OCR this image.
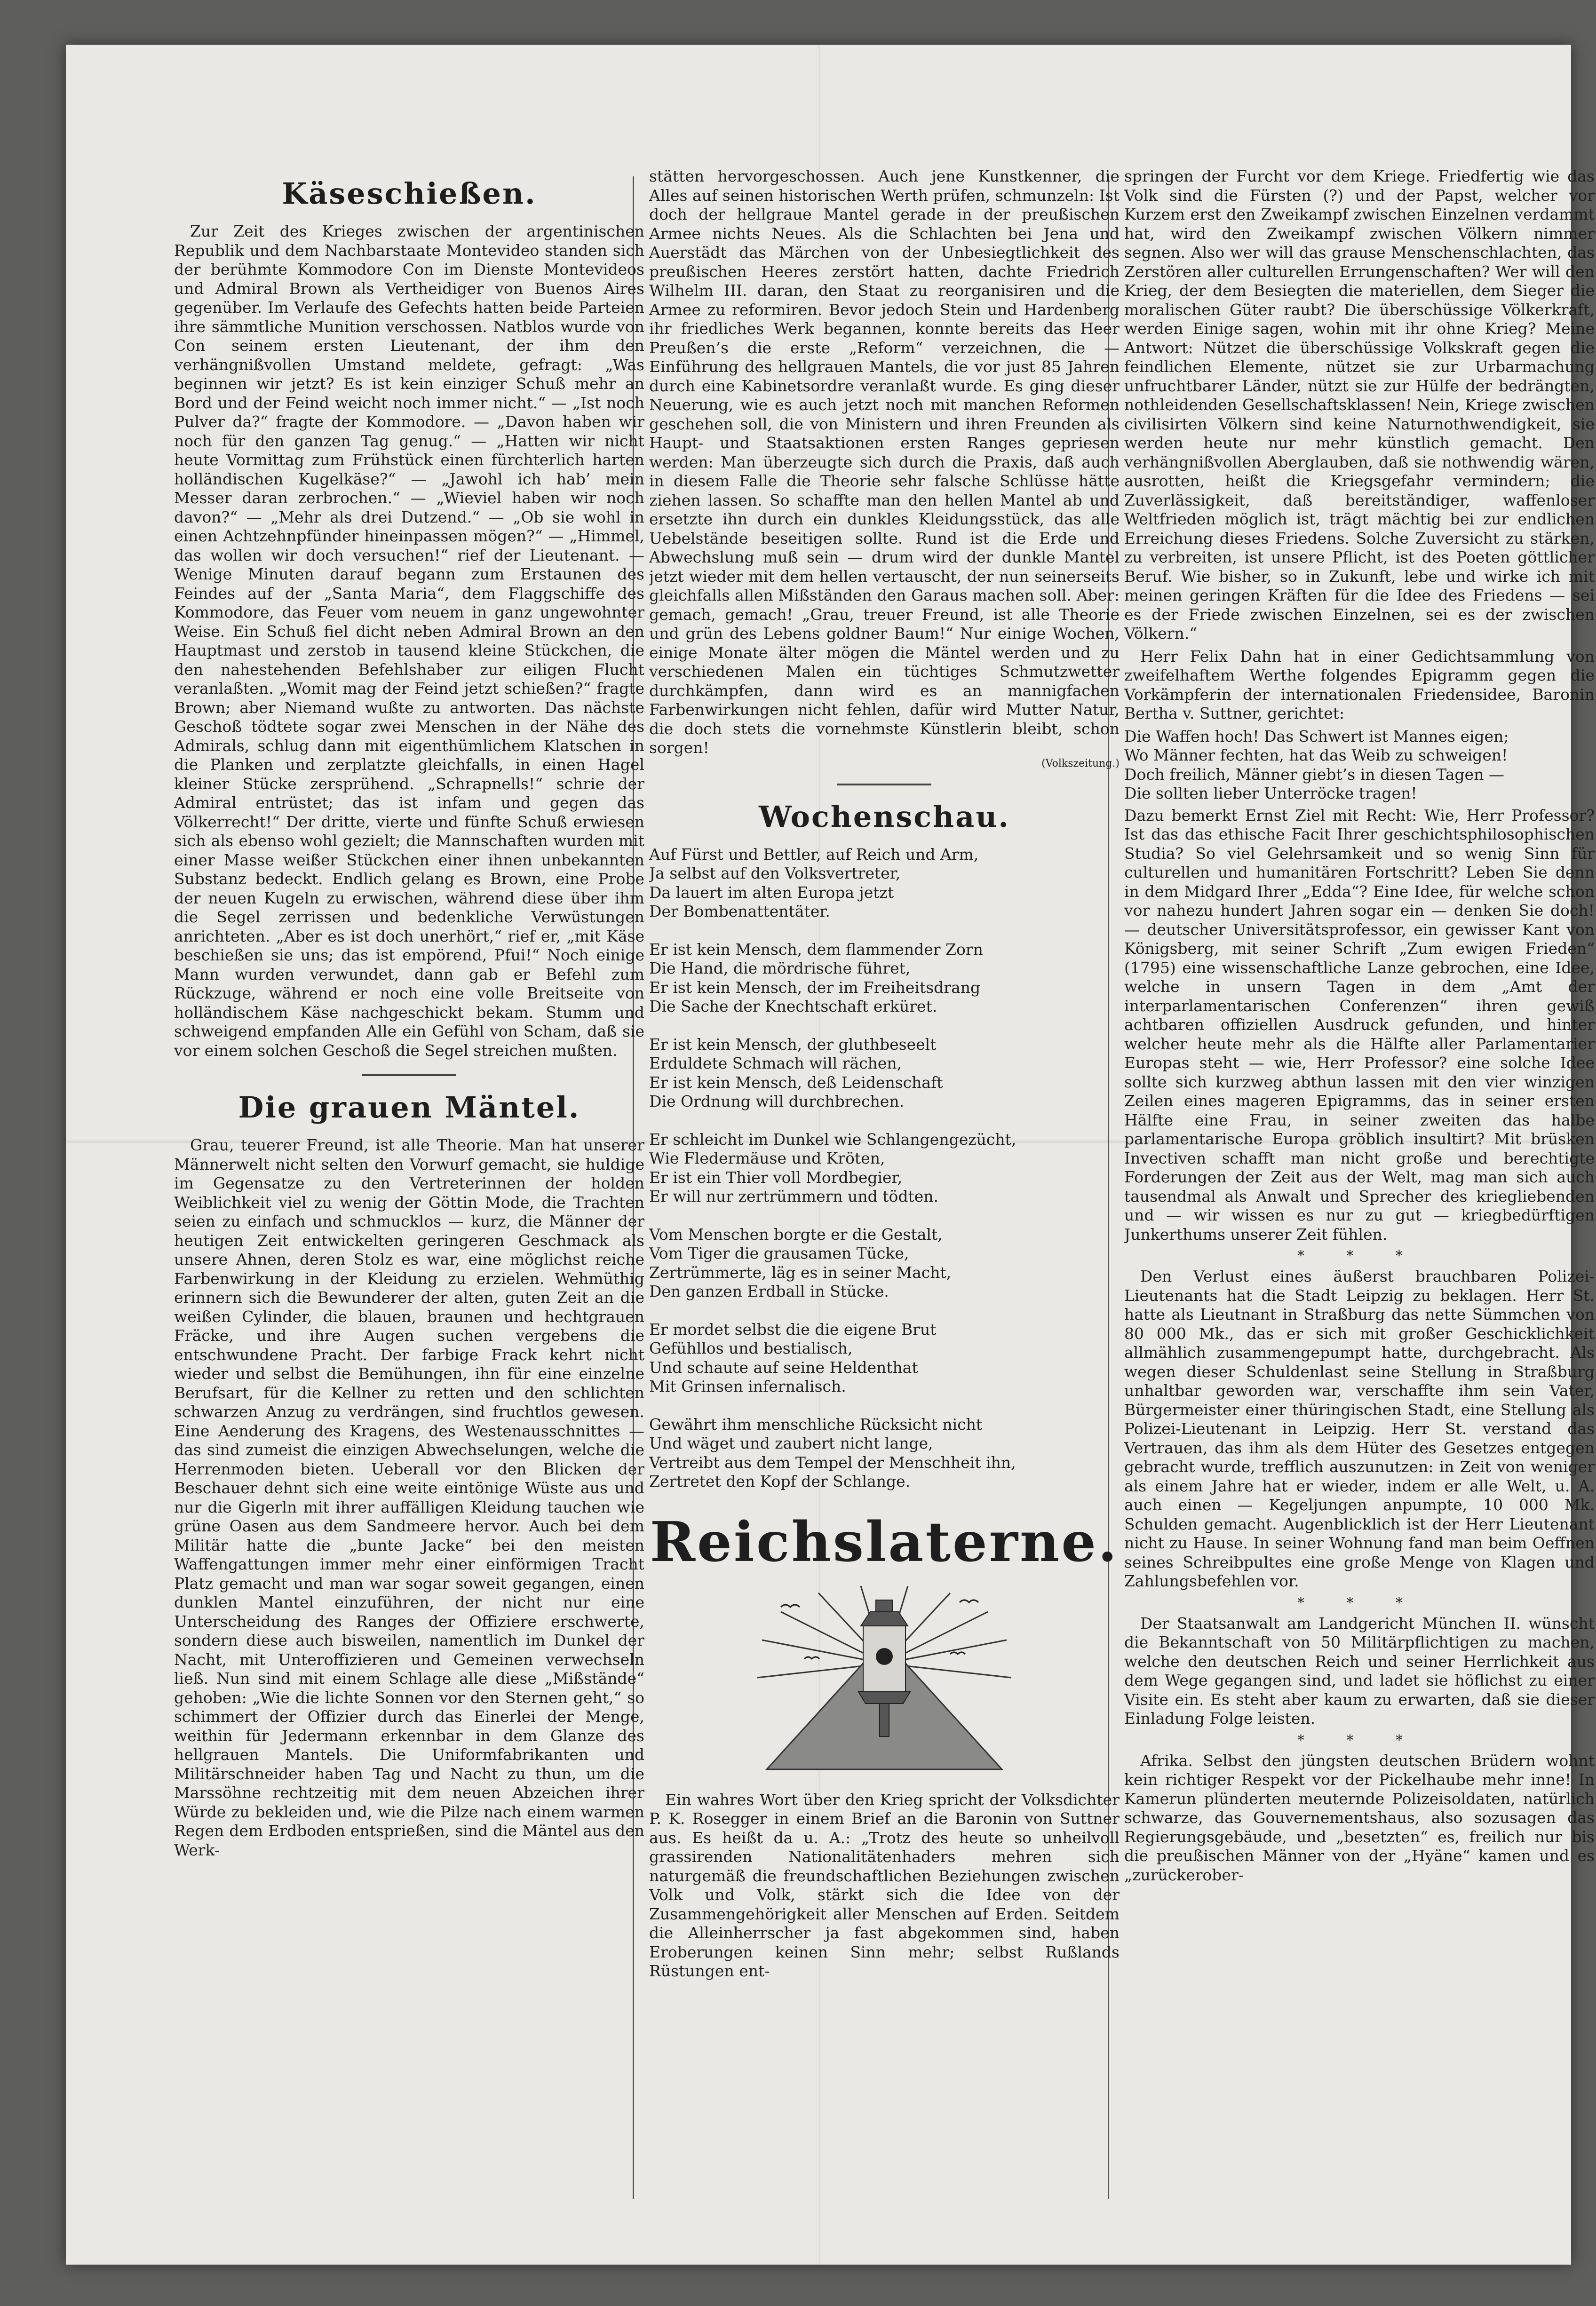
Käseschießen.

Zur Zeit des Krieges zwischen der argentinischen Republik und dem Nachbarstaate Montevideo standen sich der berühmte Kommodore Con im Dienste Montevideos und Admiral Brown als Vertheidiger von Buenos Aires gegenüber. Im Verlaufe des Gefechts hatten beide Parteien ihre sämmtliche Munition verschossen. Natblos wurde von Con seinem ersten Lieutenant, der ihm den verhängnißvollen Umstand meldete, gefragt: „Was beginnen wir jetzt? Es ist kein einziger Schuß mehr an Bord und der Feind weicht noch immer nicht.“ — „Ist noch Pulver da?“ fragte der Kommodore. — „Davon haben wir noch für den ganzen Tag genug.“ — „Hatten wir nicht heute Vormittag zum Frühstück einen fürchterlich harten holländischen Kugelkäse?“ — „Jawohl ich hab’ mein Messer daran zerbrochen.“ — „Wieviel haben wir noch davon?“ — „Mehr als drei Dutzend.“ — „Ob sie wohl in einen Achtzehnpfünder hineinpassen mögen?“ — „Himmel, das wollen wir doch versuchen!“ rief der Lieutenant. — Wenige Minuten darauf begann zum Erstaunen des Feindes auf der „Santa Maria“, dem Flaggschiffe des Kommodore, das Feuer vom neuem in ganz ungewohnter Weise. Ein Schuß fiel dicht neben Admiral Brown an den Hauptmast und zerstob in tausend kleine Stückchen, die den nahestehenden Befehlshaber zur eiligen Flucht veranlaßten. „Womit mag der Feind jetzt schießen?“ fragte Brown; aber Niemand wußte zu antworten. Das nächste Geschoß tödtete sogar zwei Menschen in der Nähe des Admirals, schlug dann mit eigenthümlichem Klatschen in die Planken und zerplatzte gleichfalls, in einen Hagel kleiner Stücke zersprühend. „Schrapnells!“ schrie der Admiral entrüstet; das ist infam und gegen das Völkerrecht!“ Der dritte, vierte und fünfte Schuß erwiesen sich als ebenso wohl gezielt; die Mannschaften wurden mit einer Masse weißer Stückchen einer ihnen unbekannten Substanz bedeckt. Endlich gelang es Brown, eine Probe der neuen Kugeln zu erwischen, während diese über ihm die Segel zerrissen und bedenkliche Verwüstungen anrichteten. „Aber es ist doch unerhört,“ rief er, „mit Käse beschießen sie uns; das ist empörend, Pfui!“ Noch einige Mann wurden verwundet, dann gab er Befehl zum Rückzuge, während er noch eine volle Breitseite von holländischem Käse nachgeschickt bekam. Stumm und schweigend empfanden Alle ein Gefühl von Scham, daß sie vor einem solchen Geschoß die Segel streichen mußten.

Die grauen Mäntel.

Grau, teuerer Freund, ist alle Theorie. Man hat unserer Männerwelt nicht selten den Vorwurf gemacht, sie huldige im Gegensatze zu den Vertreterinnen der holden Weiblichkeit viel zu wenig der Göttin Mode, die Trachten seien zu einfach und schmucklos — kurz, die Männer der heutigen Zeit entwickelten geringeren Geschmack als unsere Ahnen, deren Stolz es war, eine möglichst reiche Farbenwirkung in der Kleidung zu erzielen. Wehmüthig erinnern sich die Bewunderer der alten, guten Zeit an die weißen Cylinder, die blauen, braunen und hechtgrauen Fräcke, und ihre Augen suchen vergebens die entschwundene Pracht. Der farbige Frack kehrt nicht wieder und selbst die Bemühungen, ihn für eine einzelne Berufsart, für die Kellner zu retten und den schlichten schwarzen Anzug zu verdrängen, sind fruchtlos gewesen. Eine Aenderung des Kragens, des Westenausschnittes — das sind zumeist die einzigen Abwechselungen, welche die Herrenmoden bieten. Ueberall vor den Blicken der Beschauer dehnt sich eine weite eintönige Wüste aus und nur die Gigerln mit ihrer auffälligen Kleidung tauchen wie grüne Oasen aus dem Sandmeere hervor. Auch bei dem Militär hatte die „bunte Jacke“ bei den meisten Waffengattungen immer mehr einer einförmigen Tracht Platz gemacht und man war sogar soweit gegangen, einen dunklen Mantel einzuführen, der nicht nur eine Unterscheidung des Ranges der Offiziere erschwerte, sondern diese auch bisweilen, namentlich im Dunkel der Nacht, mit Unteroffizieren und Gemeinen verwechseln ließ. Nun sind mit einem Schlage alle diese „Mißstände“ gehoben: „Wie die lichte Sonnen vor den Sternen geht,“ so schimmert der Offizier durch das Einerlei der Menge, weithin für Jedermann erkennbar in dem Glanze des hellgrauen Mantels. Die Uniformfabrikanten und Militärschneider haben Tag und Nacht zu thun, um die Marssöhne rechtzeitig mit dem neuen Abzeichen ihrer Würde zu bekleiden und, wie die Pilze nach einem warmen Regen dem Erdboden entsprießen, sind die Mäntel aus den Werk-

stätten hervorgeschossen. Auch jene Kunstkenner, die Alles auf seinen historischen Werth prüfen, schmunzeln: Ist doch der hellgraue Mantel gerade in der preußischen Armee nichts Neues. Als die Schlachten bei Jena und Auerstädt das Märchen von der Unbesiegtlichkeit des preußischen Heeres zerstört hatten, dachte Friedrich Wilhelm III. daran, den Staat zu reorganisiren und die Armee zu reformiren. Bevor jedoch Stein und Hardenberg ihr friedliches Werk begannen, konnte bereits das Heer Preußen’s die erste „Reform“ verzeichnen, die — Einführung des hellgrauen Mantels, die vor just 85 Jahren durch eine Kabinetsordre veranlaßt wurde. Es ging dieser Neuerung, wie es auch jetzt noch mit manchen Reformen geschehen soll, die von Ministern und ihren Freunden als Haupt- und Staatsaktionen ersten Ranges gepriesen werden: Man überzeugte sich durch die Praxis, daß auch in diesem Falle die Theorie sehr falsche Schlüsse hätte ziehen lassen. So schaffte man den hellen Mantel ab und ersetzte ihn durch ein dunkles Kleidungsstück, das alle Uebelstände beseitigen sollte. Rund ist die Erde und Abwechslung muß sein — drum wird der dunkle Mantel jetzt wieder mit dem hellen vertauscht, der nun seinerseits gleichfalls allen Mißständen den Garaus machen soll. Aber: gemach, gemach! „Grau, treuer Freund, ist alle Theorie und grün des Lebens goldner Baum!“ Nur einige Wochen, einige Monate älter mögen die Mäntel werden und zu verschiedenen Malen ein tüchtiges Schmutzwetter durchkämpfen, dann wird es an mannigfachen Farbenwirkungen nicht fehlen, dafür wird Mutter Natur, die doch stets die vornehmste Künstlerin bleibt, schon sorgen!

(Volkszeitung.)
Wochenschau.
Auf Fürst und Bettler, auf Reich und Arm,
Ja selbst auf den Volksvertreter,
Da lauert im alten Europa jetzt
Der Bombenattentäter.
Er ist kein Mensch, dem flammender Zorn
Die Hand, die mördrische führet,
Er ist kein Mensch, der im Freiheitsdrang
Die Sache der Knechtschaft erküret.
Er ist kein Mensch, der gluthbeseelt
Erduldete Schmach will rächen,
Er ist kein Mensch, deß Leidenschaft
Die Ordnung will durchbrechen.
Er schleicht im Dunkel wie Schlangengezücht,
Wie Fledermäuse und Kröten,
Er ist ein Thier voll Mordbegier,
Er will nur zertrümmern und tödten.
Vom Menschen borgte er die Gestalt,
Vom Tiger die grausamen Tücke,
Zertrümmerte, läg es in seiner Macht,
Den ganzen Erdball in Stücke.
Er mordet selbst die die eigene Brut
Gefühllos und bestialisch,
Und schaute auf seine Heldenthat
Mit Grinsen infernalisch.
Gewährt ihm menschliche Rücksicht nicht
Und wäget und zaubert nicht lange,
Vertreibt aus dem Tempel der Menschheit ihn,
Zertretet den Kopf der Schlange.
Reichslaterne.

Ein wahres Wort über den Krieg spricht der Volksdichter P. K. Rosegger in einem Brief an die Baronin von Suttner aus. Es heißt da u. A.: „Trotz des heute so unheilvoll grassirenden Nationalitätenhaders mehren sich naturgemäß die freundschaftlichen Beziehungen zwischen Volk und Volk, stärkt sich die Idee von der Zusammengehörigkeit aller Menschen auf Erden. Seitdem die Alleinherrscher ja fast abgekommen sind, haben Eroberungen keinen Sinn mehr; selbst Rußlands Rüstungen ent-

springen der Furcht vor dem Kriege. Friedfertig wie das Volk sind die Fürsten (?) und der Papst, welcher vor Kurzem erst den Zweikampf zwischen Einzelnen verdammt hat, wird den Zweikampf zwischen Völkern nimmer segnen. Also wer will das grause Menschenschlachten, das Zerstören aller culturellen Errungenschaften? Wer will den Krieg, der dem Besiegten die materiellen, dem Sieger die moralischen Güter raubt? Die überschüssige Völkerkraft, werden Einige sagen, wohin mit ihr ohne Krieg? Meine Antwort: Nützet die überschüssige Volkskraft gegen die feindlichen Elemente, nützet sie zur Urbarmachung unfruchtbarer Länder, nützt sie zur Hülfe der bedrängten, nothleidenden Gesellschaftsklassen! Nein, Kriege zwischen civilisirten Völkern sind keine Naturnothwendigkeit, sie werden heute nur mehr künstlich gemacht. Den verhängnißvollen Aberglauben, daß sie nothwendig wären, ausrotten, heißt die Kriegsgefahr vermindern; die Zuverlässigkeit, daß bereitständiger, waffenloser Weltfrieden möglich ist, trägt mächtig bei zur endlichen Erreichung dieses Friedens. Solche Zuversicht zu stärken, zu verbreiten, ist unsere Pflicht, ist des Poeten göttlicher Beruf. Wie bisher, so in Zukunft, lebe und wirke ich mit meinen geringen Kräften für die Idee des Friedens — sei es der Friede zwischen Einzelnen, sei es der zwischen Völkern.“

Herr Felix Dahn hat in einer Gedichtsammlung von zweifelhaftem Werthe folgendes Epigramm gegen die Vorkämpferin der internationalen Friedensidee, Baronin Bertha v. Suttner, gerichtet:

Die Waffen hoch! Das Schwert ist Mannes eigen;
Wo Männer fechten, hat das Weib zu schweigen!
Doch freilich, Männer giebt’s in diesen Tagen —
Die sollten lieber Unterröcke tragen!

Dazu bemerkt Ernst Ziel mit Recht: Wie, Herr Professor? Ist das das ethische Facit Ihrer geschichtsphilosophischen Studia? So viel Gelehrsamkeit und so wenig Sinn für culturellen und humanitären Fortschritt? Leben Sie denn in dem Midgard Ihrer „Edda“? Eine Idee, für welche schon vor nahezu hundert Jahren sogar ein — denken Sie doch! — deutscher Universitätsprofessor, ein gewisser Kant von Königsberg, mit seiner Schrift „Zum ewigen Frieden“ (1795) eine wissenschaftliche Lanze gebrochen, eine Idee, welche in unsern Tagen in dem „Amt der interparlamentarischen Conferenzen“ ihren gewiß achtbaren offiziellen Ausdruck gefunden, und hinter welcher heute mehr als die Hälfte aller Parlamentarier Europas steht — wie, Herr Professor? eine solche Idee sollte sich kurzweg abthun lassen mit den vier winzigen Zeilen eines mageren Epigramms, das in seiner ersten Hälfte eine Frau, in seiner zweiten das halbe parlamentarische Europa gröblich insultirt? Mit brüsken Invectiven schafft man nicht große und berechtigte Forderungen der Zeit aus der Welt, mag man sich auch tausendmal als Anwalt und Sprecher des kriegliebenden und — wir wissen es nur zu gut — kriegbedürftigen Junkerthums unserer Zeit fühlen.

* * *

Den Verlust eines äußerst brauchbaren Polizei-Lieutenants hat die Stadt Leipzig zu beklagen. Herr St. hatte als Lieutnant in Straßburg das nette Sümmchen von 80 000 Mk., das er sich mit großer Geschicklichkeit allmählich zusammengepumpt hatte, durchgebracht. Als wegen dieser Schuldenlast seine Stellung in Straßburg unhaltbar geworden war, verschaffte ihm sein Vater, Bürgermeister einer thüringischen Stadt, eine Stellung als Polizei-Lieutenant in Leipzig. Herr St. verstand das Vertrauen, das ihm als dem Hüter des Gesetzes entgegen gebracht wurde, trefflich auszunutzen: in Zeit von weniger als einem Jahre hat er wieder, indem er alle Welt, u. A. auch einen — Kegeljungen anpumpte, 10 000 Mk. Schulden gemacht. Augenblicklich ist der Herr Lieutenant nicht zu Hause. In seiner Wohnung fand man beim Oeffnen seines Schreibpultes eine große Menge von Klagen und Zahlungsbefehlen vor.

* * *

Der Staatsanwalt am Landgericht München II. wünscht die Bekanntschaft von 50 Militärpflichtigen zu machen, welche den deutschen Reich und seiner Herrlichkeit aus dem Wege gegangen sind, und ladet sie höflichst zu einer Visite ein. Es steht aber kaum zu erwarten, daß sie dieser Einladung Folge leisten.

* * *

Afrika. Selbst den jüngsten deutschen Brüdern wohnt kein richtiger Respekt vor der Pickelhaube mehr inne! In Kamerun plünderten meuternde Polizeisoldaten, natürlich schwarze, das Gouvernementshaus, also sozusagen das Regierungsgebäude, und „besetzten“ es, freilich nur bis die preußischen Männer von der „Hyäne“ kamen und es „zurückerober-
